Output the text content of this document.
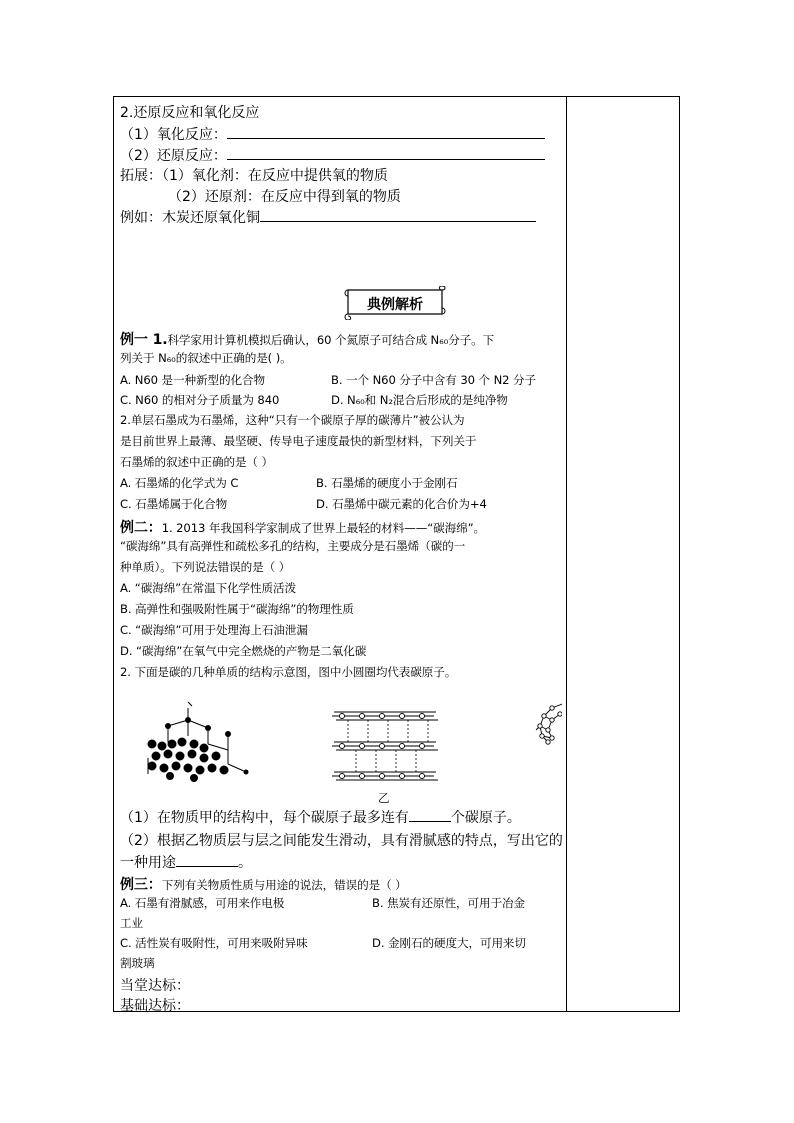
2.还原反应和氧化反应
（1）氧化反应：
（2）还原反应：
拓展：（1）氧化剂：在反应中提供氧的物质
（2）还原剂：在反应中得到氧的物质
例如：木炭还原氧化铜
典例解析
例一 1.科学家用计算机模拟后确认，60 个氮原子可结合成 N₆₀分子。下
列关于 N₆₀的叙述中正确的是( )。
A. N60 是一种新型的化合物	B. 一个 N60 分子中含有 30 个 N2 分子
C. N60 的相对分子质量为 840	D. N₆₀和 N₂混合后形成的是纯净物
2.单层石墨成为石墨烯，这种“只有一个碳原子厚的碳薄片”被公认为
是目前世界上最薄、最坚硬、传导电子速度最快的新型材料，下列关于
石墨烯的叙述中正确的是（ ）
A. 石墨烯的化学式为 C	B. 石墨烯的硬度小于金刚石
C. 石墨烯属于化合物	D. 石墨烯中碳元素的化合价为+4
例二：1. 2013 年我国科学家制成了世界上最轻的材料——“碳海绵”。
“碳海绵”具有高弹性和疏松多孔的结构，主要成分是石墨烯（碳的一
种单质）。下列说法错误的是（ ）
A. “碳海绵”在常温下化学性质活泼
B. 高弹性和强吸附性属于“碳海绵”的物理性质
C. “碳海绵”可用于处理海上石油泄漏
D. “碳海绵”在氧气中完全燃烧的产物是二氧化碳
2. 下面是碳的几种单质的结构示意图，图中小圆圈均代表碳原子。
乙
（1）在物质甲的结构中，每个碳原子最多连有	个碳原子。
（2）根据乙物质层与层之间能发生滑动，具有滑腻感的特点，写出它的
一种用途	。
例三：下列有关物质性质与用途的说法，错误的是（ ）
A. 石墨有滑腻感，可用来作电极	B. 焦炭有还原性，可用于冶金
工业
C. 活性炭有吸附性，可用来吸附异味	D. 金刚石的硬度大，可用来切
割玻璃
当堂达标：
基础达标：
